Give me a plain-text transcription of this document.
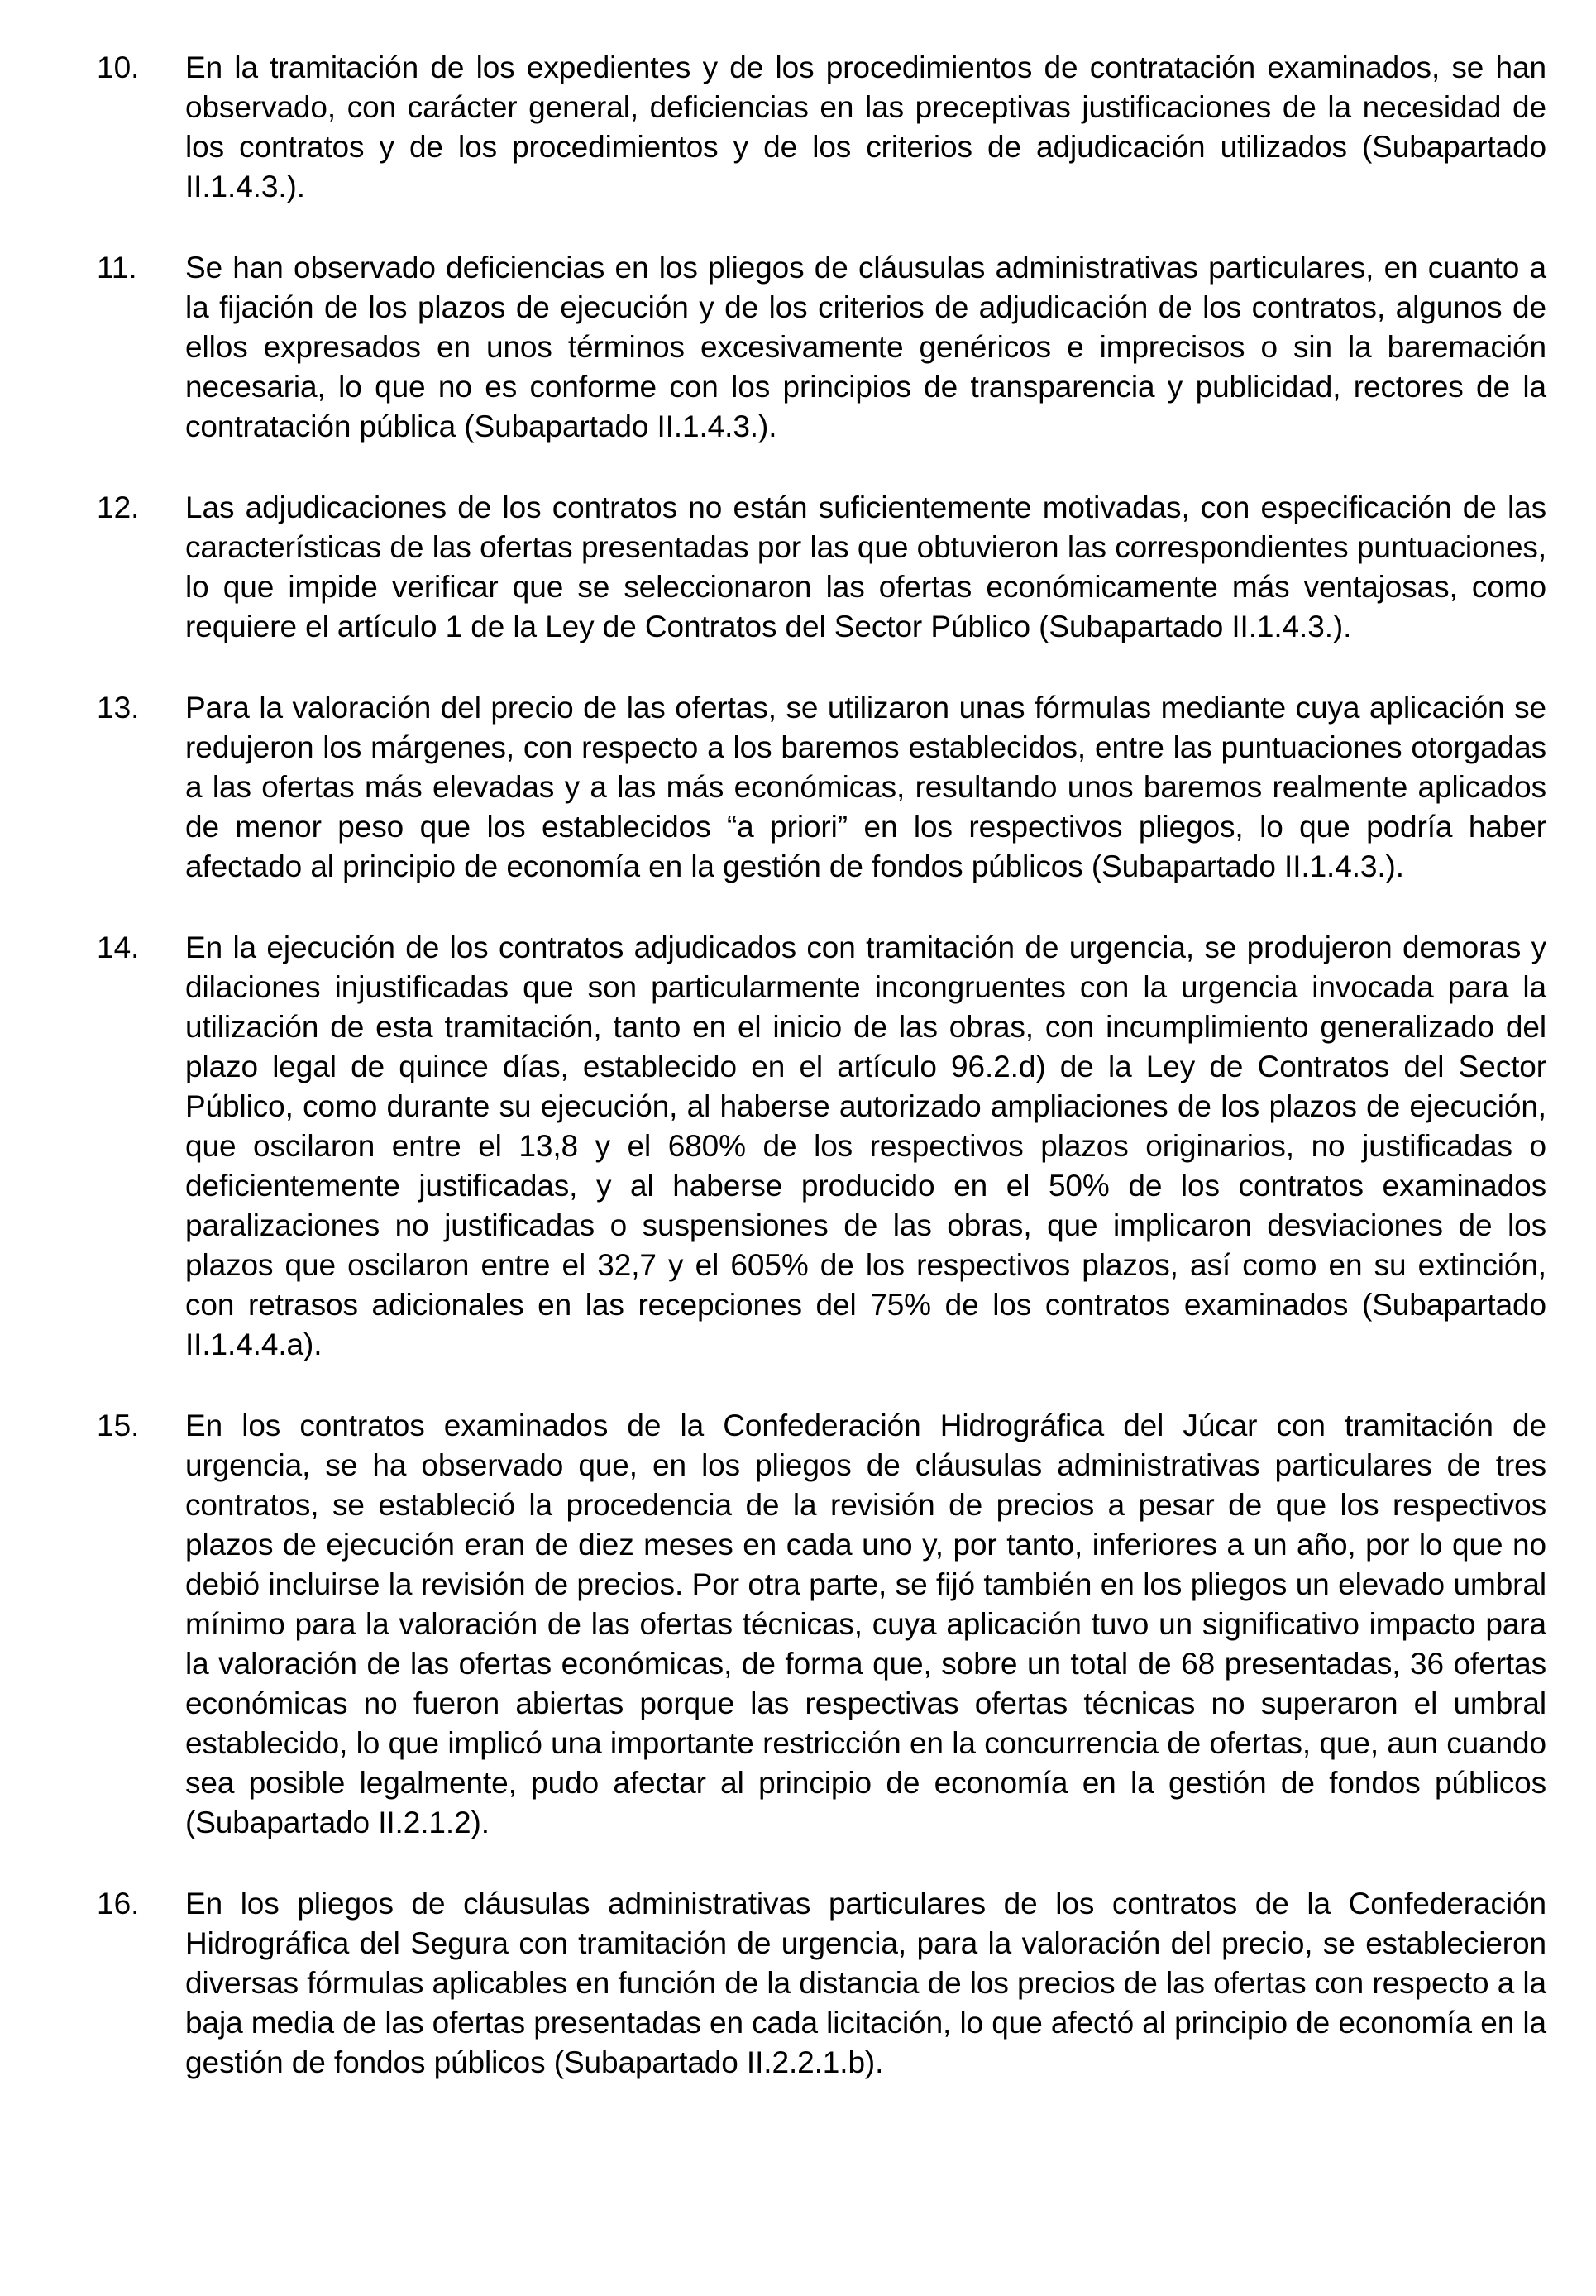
10. En la tramitación de los expedientes y de los procedimientos de contratación examinados, se han observado, con carácter general, deficiencias en las preceptivas justificaciones de la necesidad de los contratos y de los procedimientos y de los criterios de adjudicación utilizados (Subapartado II.1.4.3.).
11. Se han observado deficiencias en los pliegos de cláusulas administrativas particulares, en cuanto a la fijación de los plazos de ejecución y de los criterios de adjudicación de los contratos, algunos de ellos expresados en unos términos excesivamente genéricos e imprecisos o sin la baremación necesaria, lo que no es conforme con los principios de transparencia y publicidad, rectores de la contratación pública (Subapartado II.1.4.3.).
12. Las adjudicaciones de los contratos no están suficientemente motivadas, con especificación de las características de las ofertas presentadas por las que obtuvieron las correspondientes puntuaciones, lo que impide verificar que se seleccionaron las ofertas económicamente más ventajosas, como requiere el artículo 1 de la Ley de Contratos del Sector Público (Subapartado II.1.4.3.).
13. Para la valoración del precio de las ofertas, se utilizaron unas fórmulas mediante cuya aplicación se redujeron los márgenes, con respecto a los baremos establecidos, entre las puntuaciones otorgadas a las ofertas más elevadas y a las más económicas, resultando unos baremos realmente aplicados de menor peso que los establecidos “a priori” en los respectivos pliegos, lo que podría haber afectado al principio de economía en la gestión de fondos públicos (Subapartado II.1.4.3.).
14. En la ejecución de los contratos adjudicados con tramitación de urgencia, se produjeron demoras y dilaciones injustificadas que son particularmente incongruentes con la urgencia invocada para la utilización de esta tramitación, tanto en el inicio de las obras, con incumplimiento generalizado del plazo legal de quince días, establecido en el artículo 96.2.d) de la Ley de Contratos del Sector Público, como durante su ejecución, al haberse autorizado ampliaciones de los plazos de ejecución, que oscilaron entre el 13,8 y el 680% de los respectivos plazos originarios, no justificadas o deficientemente justificadas, y al haberse producido en el 50% de los contratos examinados paralizaciones no justificadas o suspensiones de las obras, que implicaron desviaciones de los plazos que oscilaron entre el 32,7 y el 605% de los respectivos plazos, así como en su extinción, con retrasos adicionales en las recepciones del 75% de los contratos examinados (Subapartado II.1.4.4.a).
15. En los contratos examinados de la Confederación Hidrográfica del Júcar con tramitación de urgencia, se ha observado que, en los pliegos de cláusulas administrativas particulares de tres contratos, se estableció la procedencia de la revisión de precios a pesar de que los respectivos plazos de ejecución eran de diez meses en cada uno y, por tanto, inferiores a un año, por lo que no debió incluirse la revisión de precios. Por otra parte, se fijó también en los pliegos un elevado umbral mínimo para la valoración de las ofertas técnicas, cuya aplicación tuvo un significativo impacto para la valoración de las ofertas económicas, de forma que, sobre un total de 68 presentadas, 36 ofertas económicas no fueron abiertas porque las respectivas ofertas técnicas no superaron el umbral establecido, lo que implicó una importante restricción en la concurrencia de ofertas, que, aun cuando sea posible legalmente, pudo afectar al principio de economía en la gestión de fondos públicos (Subapartado II.2.1.2).
16. En los pliegos de cláusulas administrativas particulares de los contratos de la Confederación Hidrográfica del Segura con tramitación de urgencia, para la valoración del precio, se establecieron diversas fórmulas aplicables en función de la distancia de los precios de las ofertas con respecto a la baja media de las ofertas presentadas en cada licitación, lo que afectó al principio de economía en la gestión de fondos públicos (Subapartado II.2.2.1.b).
